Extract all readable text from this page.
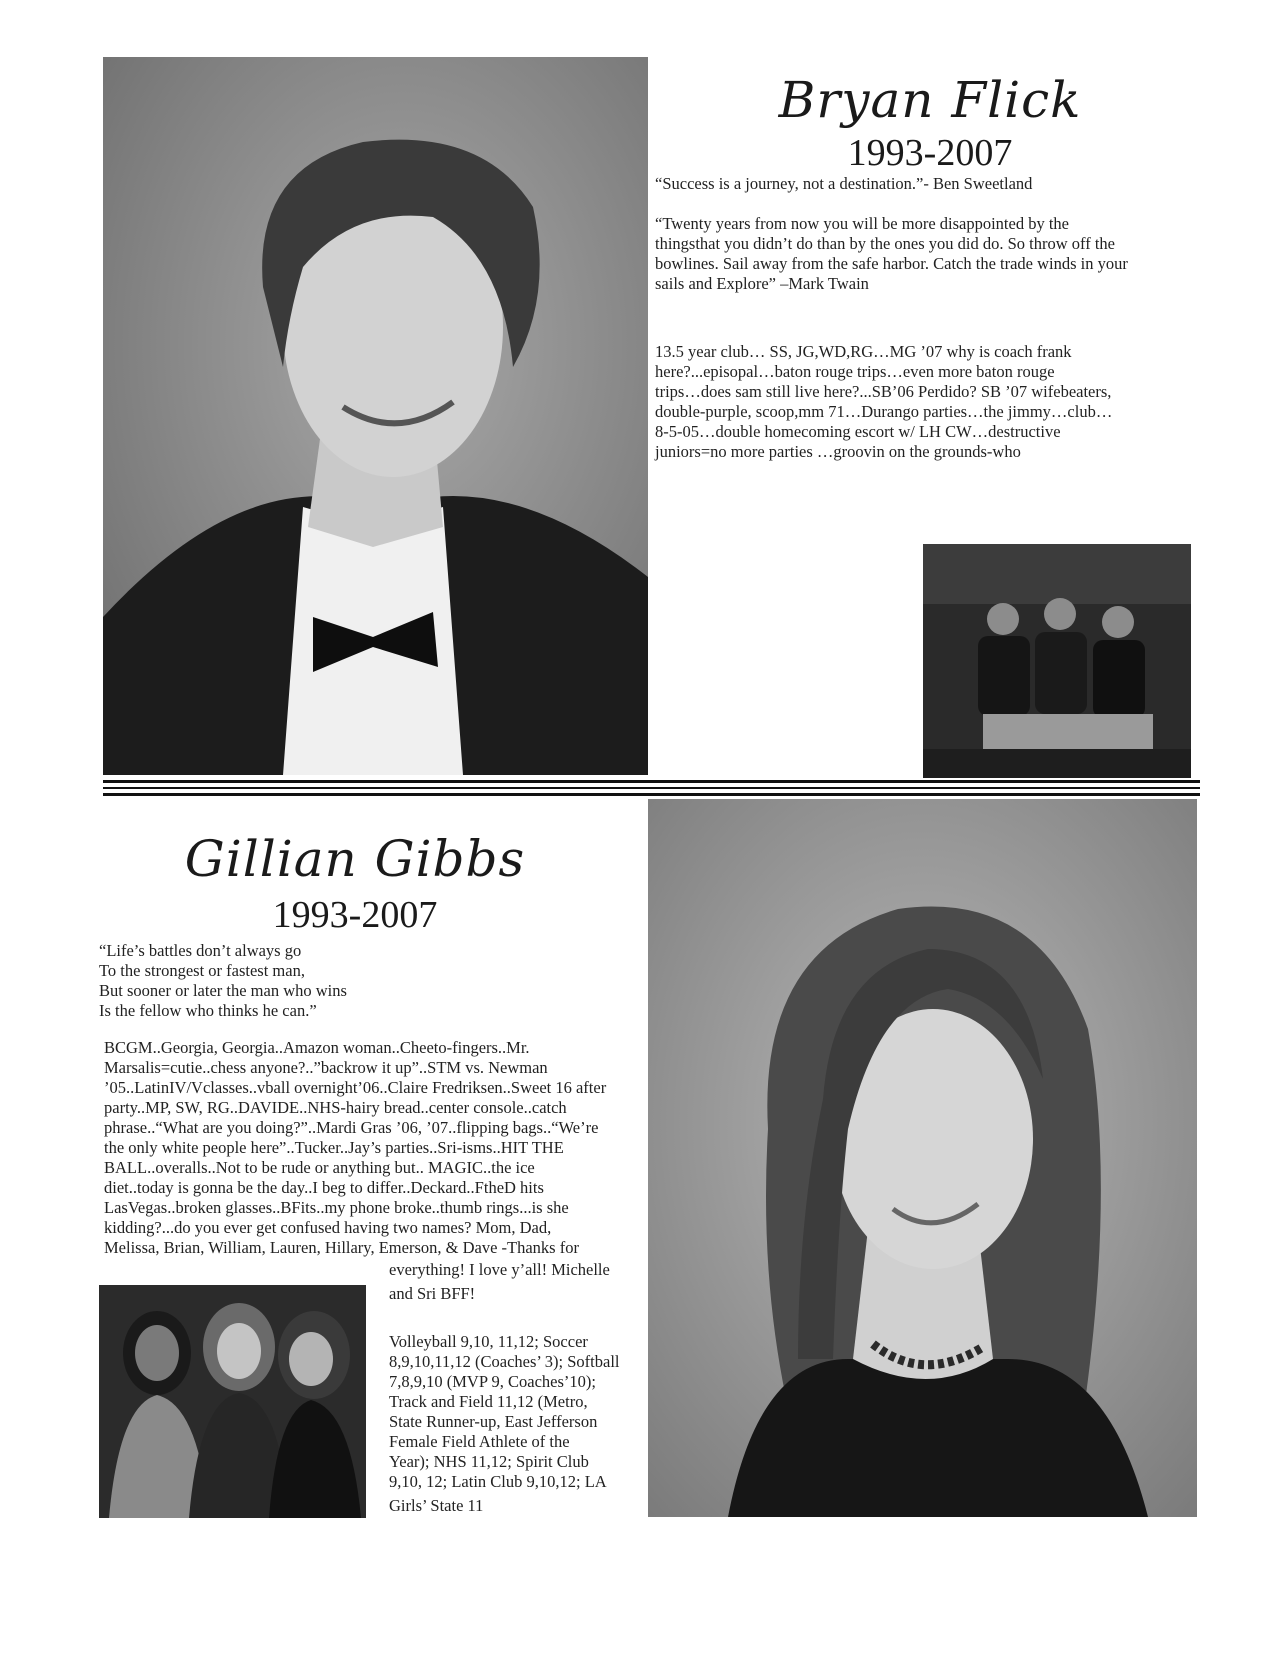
Bryan Flick
1993-2007
“Success is a journey, not a destination.”- Ben Sweetland
“Twenty years from now you will be more disappointed by the
thingsthat you didn’t do than by the ones you did do. So throw off the
bowlines. Sail away from the safe harbor. Catch the trade winds in your
sails and Explore” –Mark Twain
13.5 year club… SS, JG,WD,RG…MG ’07 why is coach frank
here?...episopal…baton rouge trips…even more baton rouge
trips…does sam still live here?...SB’06 Perdido? SB ’07 wifebeaters,
double-purple, scoop,mm 71…Durango parties…the jimmy…club…
8-5-05…double homecoming escort w/ LH CW…destructive
juniors=no more parties …groovin on the grounds-who
Gillian Gibbs
1993-2007
“Life’s battles don’t always go
To the strongest or fastest man,
But sooner or later the man who wins
Is the fellow who thinks he can.”
BCGM..Georgia, Georgia..Amazon woman..Cheeto-fingers..Mr.
Marsalis=cutie..chess anyone?..”backrow it up”..STM vs. Newman
’05..LatinIV/Vclasses..vball overnight’06..Claire Fredriksen..Sweet 16 after
party..MP, SW, RG..DAVIDE..NHS-hairy bread..center console..catch
phrase..“What are you doing?”..Mardi Gras ’06, ’07..flipping bags..“We’re
the only white people here”..Tucker..Jay’s parties..Sri-isms..HIT THE
BALL..overalls..Not to be rude or anything but.. MAGIC..the ice
diet..today is gonna be the day..I beg to differ..Deckard..FtheD hits
LasVegas..broken glasses..BFits..my phone broke..thumb rings...is she
kidding?...do you ever get confused having two names? Mom, Dad,
Melissa, Brian, William, Lauren, Hillary, Emerson, & Dave -Thanks for
everything! I love y’all! Michelle
and Sri BFF!
Volleyball 9,10, 11,12; Soccer
8,9,10,11,12 (Coaches’ 3); Softball
7,8,9,10 (MVP 9, Coaches’10);
Track and Field 11,12 (Metro,
State Runner-up, East Jefferson
Female Field Athlete of the
Year); NHS 11,12; Spirit Club
9,10, 12; Latin Club 9,10,12; LA
Girls’ State 11
